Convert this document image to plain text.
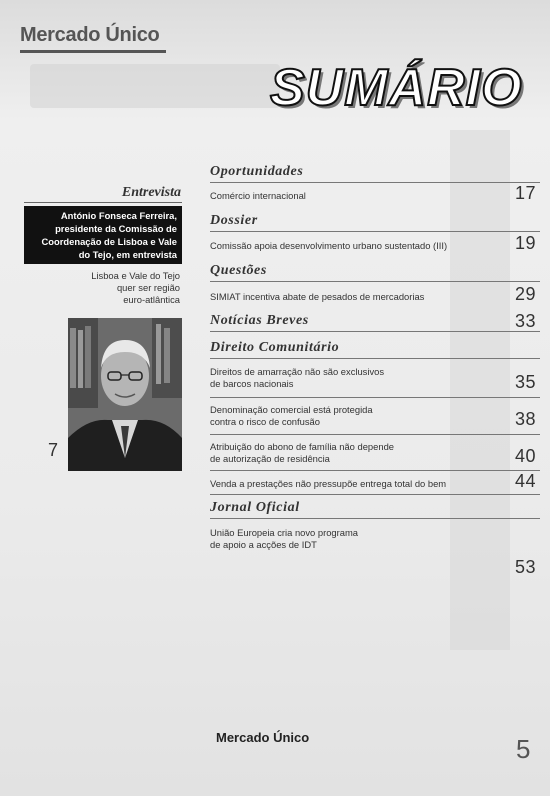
Mercado Único
SUMÁRIO
Entrevista
António Fonseca Ferreira,
presidente da Comissão de
Coordenação de Lisboa e Vale
do Tejo, em entrevista
Lisboa e Vale do Tejo
quer ser região
euro-atlântica
7
Oportunidades
Comércio internacional	17
Dossier
Comissão apoia desenvolvimento urbano sustentado (III)	19
Questões
SIMIAT incentiva abate de pesados de mercadorias	29
Notícias Breves	33
Direito Comunitário
Direitos de amarração não são exclusivos
de barcos nacionais	35
Denominação comercial está protegida
contra o risco de confusão	38
Atribuição do abono de família não depende
de autorização de residência	40
Venda a prestações não pressupõe entrega total do bem	44
Jornal Oficial
União Europeia cria novo programa
de apoio a acções de IDT
53
Mercado Único	5
